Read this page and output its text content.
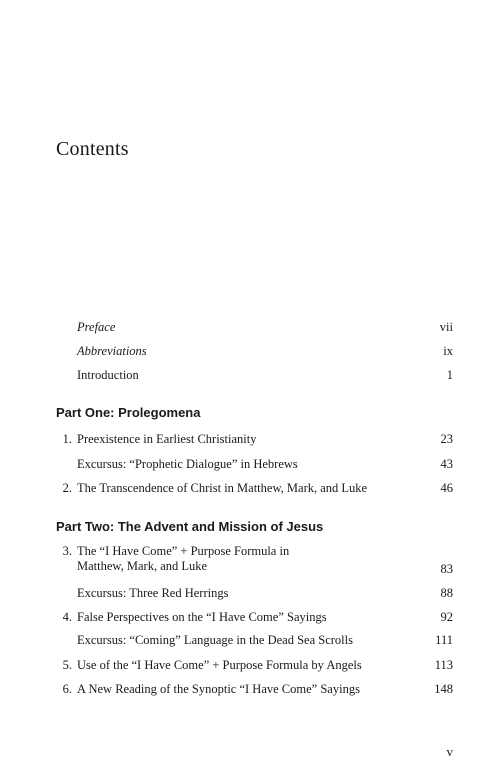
Contents
Preface	vii
Abbreviations	ix
Introduction	1
Part One: Prolegomena
1. Preexistence in Earliest Christianity	23
Excursus: “Prophetic Dialogue” in Hebrews	43
2. The Transcendence of Christ in Matthew, Mark, and Luke	46
Part Two: The Advent and Mission of Jesus
3. The “I Have Come” + Purpose Formula in
Matthew, Mark, and Luke	83
Excursus: Three Red Herrings	88
4. False Perspectives on the “I Have Come” Sayings	92
Excursus: “Coming” Language in the Dead Sea Scrolls	111
5. Use of the “I Have Come” + Purpose Formula by Angels	113
6. A New Reading of the Synoptic “I Have Come” Sayings	148
v
